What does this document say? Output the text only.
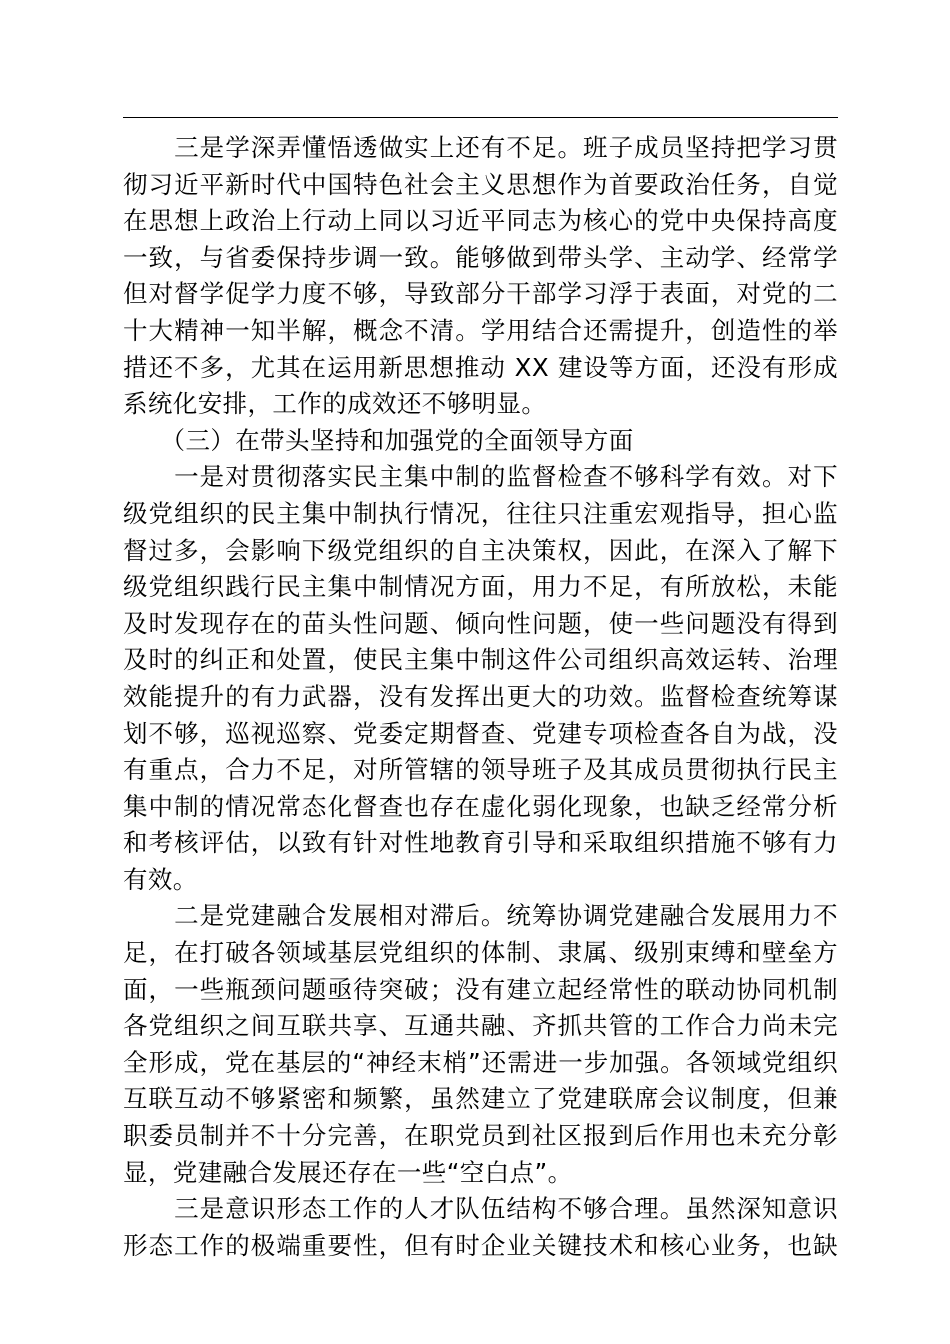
　　三是学深弄懂悟透做实上还有不足。班子成员坚持把学习贯
彻习近平新时代中国特色社会主义思想作为首要政治任务，自觉
在思想上政治上行动上同以习近平同志为核心的党中央保持高度
一致，与省委保持步调一致。能够做到带头学、主动学、经常学
但对督学促学力度不够，导致部分干部学习浮于表面，对党的二
十大精神一知半解，概念不清。学用结合还需提升，创造性的举
措还不多，尤其在运用新思想推动 XX 建设等方面，还没有形成
系统化安排，工作的成效还不够明显。
　　（三）在带头坚持和加强党的全面领导方面
　　一是对贯彻落实民主集中制的监督检查不够科学有效。对下
级党组织的民主集中制执行情况，往往只注重宏观指导，担心监
督过多，会影响下级党组织的自主决策权，因此，在深入了解下
级党组织践行民主集中制情况方面，用力不足，有所放松，未能
及时发现存在的苗头性问题、倾向性问题，使一些问题没有得到
及时的纠正和处置，使民主集中制这件公司组织高效运转、治理
效能提升的有力武器，没有发挥出更大的功效。监督检查统筹谋
划不够，巡视巡察、党委定期督查、党建专项检查各自为战，没
有重点，合力不足，对所管辖的领导班子及其成员贯彻执行民主
集中制的情况常态化督查也存在虚化弱化现象，也缺乏经常分析
和考核评估，以致有针对性地教育引导和采取组织措施不够有力
有效。
　　二是党建融合发展相对滞后。统筹协调党建融合发展用力不
足，在打破各领域基层党组织的体制、隶属、级别束缚和壁垒方
面，一些瓶颈问题亟待突破；没有建立起经常性的联动协同机制
各党组织之间互联共享、互通共融、齐抓共管的工作合力尚未完
全形成，党在基层的“神经末梢”还需进一步加强。各领域党组织
互联互动不够紧密和频繁，虽然建立了党建联席会议制度，但兼
职委员制并不十分完善，在职党员到社区报到后作用也未充分彰
显，党建融合发展还存在一些“空白点”。
　　三是意识形态工作的人才队伍结构不够合理。虽然深知意识
形态工作的极端重要性，但有时企业关键技术和核心业务，也缺
